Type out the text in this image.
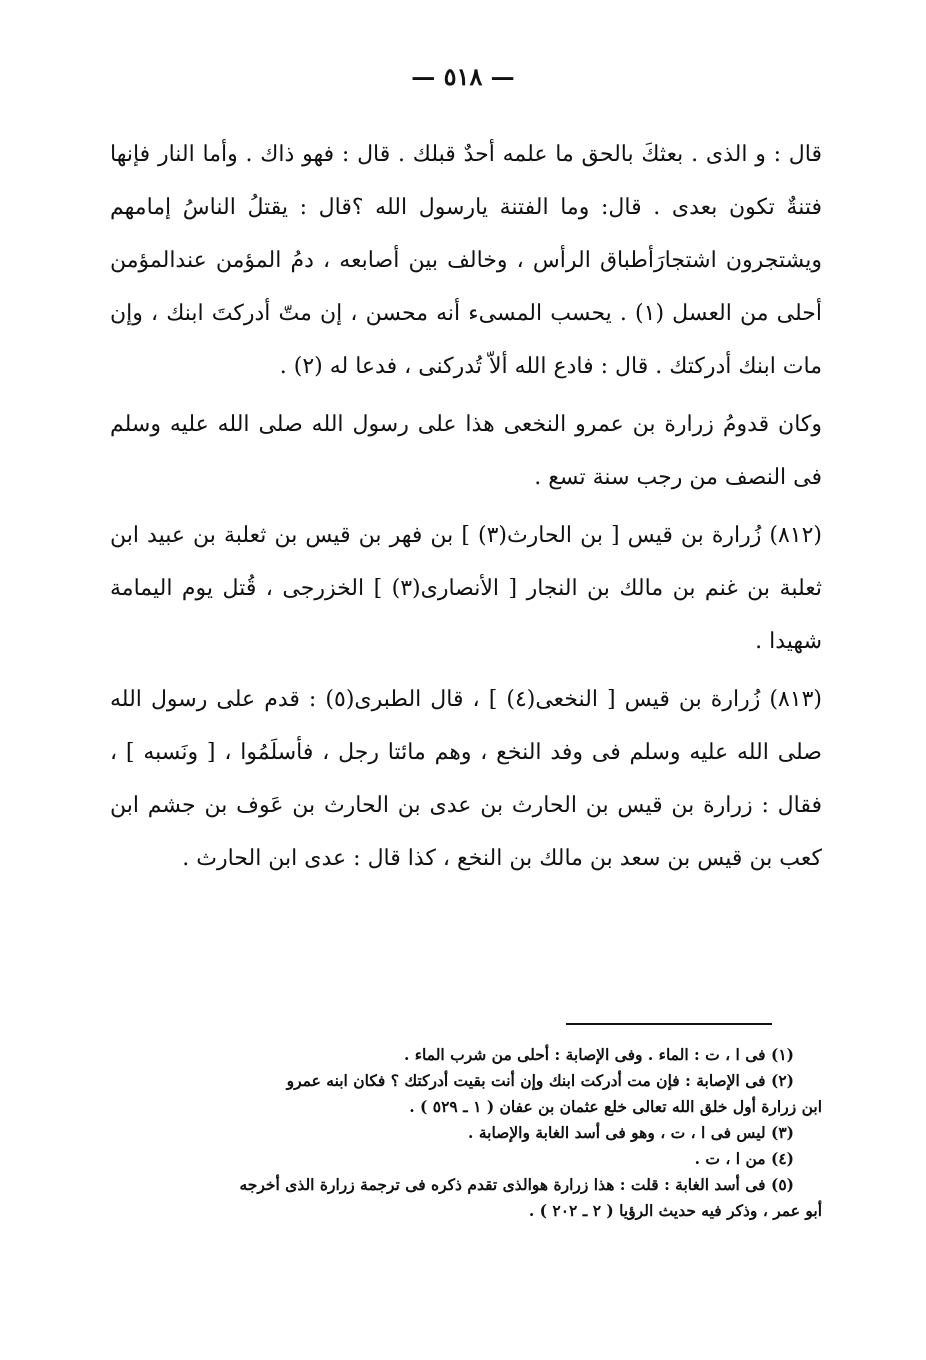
— ٥١٨ —

قال : و الذى . بعثكَ بالحق ما علمه أحدٌ قبلك . قال : فهو ذاك . وأما النار فإنها فتنةٌ تكون بعدى . قال: وما الفتنة يارسول الله ؟قال : يقتلُ الناسُ إمامهم ويشتجرون اشتجارَأطباق الرأس ، وخالف بين أصابعه ، دمُ المؤمن عندالمؤمن أحلى من العسل (١) . يحسب المسىء أنه محسن ، إن متّ أدركتَ ابنك ، وإن مات ابنك أدركتك . قال : فادع الله ألاّ تُدركنى ، فدعا له (٢) .

وكان قدومُ زرارة بن عمرو النخعى هذا على رسول الله صلى الله عليه وسلم فى النصف من رجب سنة تسع .

(٨١٢) زُرارة بن قيس [ بن الحارث(٣) ] بن فهر بن قيس بن ثعلبة بن عبيد ابن ثعلبة بن غنم بن مالك بن النجار [ الأنصارى(٣) ] الخزرجى ، قُتل يوم اليمامة شهيدا .

(٨١٣) زُرارة بن قيس [ النخعى(٤) ] ، قال الطبرى(٥) : قدم على رسول الله صلى الله عليه وسلم فى وفد النخع ، وهم مائتا رجل ، فأسلَمُوا ، [ ونَسبه ] ، فقال : زرارة بن قيس بن الحارث بن عدى بن الحارث بن عَوف بن جشم ابن كعب بن قيس بن سعد بن مالك بن النخع ، كذا قال : عدى ابن الحارث .

(١) فى ا ، ت : الماء . وفى الإصابة : أحلى من شرب الماء .

(٢) فى الإصابة : فإن مت أدركت ابنك وإن أنت بقيت أدركتك ؟ فكان ابنه عمرو

ابن زرارة أول خلق الله تعالى خلع عثمان بن عفان ( ١ ـ ٥٢٩ ) .

(٣) ليس فى ا ، ت ، وهو فى أسد الغابة والإصابة .

(٤) من ا ، ت .

(٥) فى أسد الغابة : قلت : هذا زرارة هوالذى تقدم ذكره فى ترجمة زرارة الذى أخرجه

أبو عمر ، وذكر فيه حديث الرؤيا ( ٢ ـ ٢٠٢ ) .
